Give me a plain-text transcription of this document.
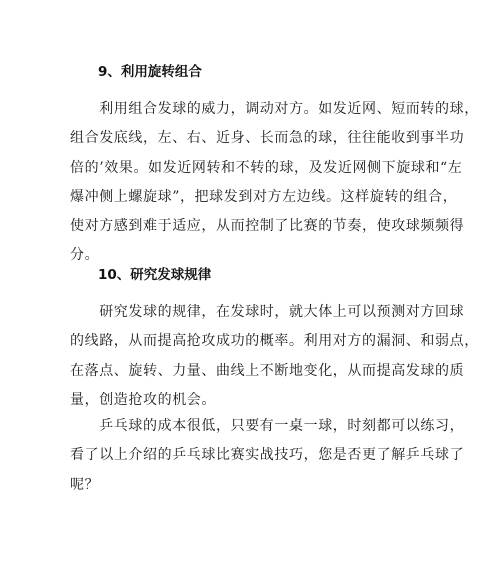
9、利用旋转组合
　　利用组合发球的威力，调动对方。如发近网、短而转的球，
组合发底线，左、右、近身、长而急的球，往往能收到事半功
倍的’效果。如发近网转和不转的球，及发近网侧下旋球和“左
爆冲侧上螺旋球”，把球发到对方左边线。这样旋转的组合，
使对方感到难于适应，从而控制了比赛的节奏，使攻球频频得
分。
10、研究发球规律
　　研究发球的规律，在发球时，就大体上可以预测对方回球
的线路，从而提高抢攻成功的概率。利用对方的漏洞、和弱点，
在落点、旋转、力量、曲线上不断地变化，从而提高发球的质
量，创造抢攻的机会。
　　乒乓球的成本很低，只要有一桌一球，时刻都可以练习，
看了以上介绍的乒乓球比赛实战技巧，您是否更了解乒乓球了
呢？
